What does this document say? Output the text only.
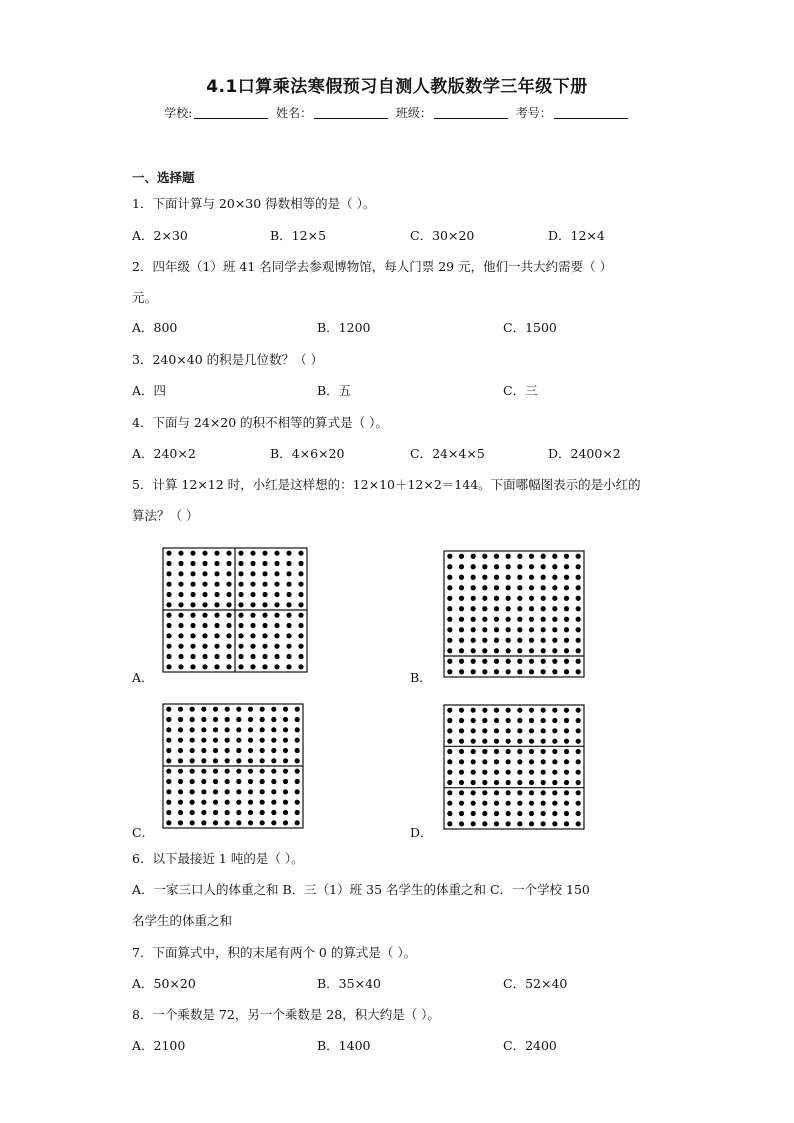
4.1口算乘法寒假预习自测人教版数学三年级下册
学校:	姓名：	班级：	考号：
一、选择题
1．下面计算与 20×30 得数相等的是（ ）。
A．2×30	B．12×5	C．30×20	D．12×4
2．四年级（1）班 41 名同学去参观博物馆，每人门票 29 元，他们一共大约需要（ ）
元。
A．800	B．1200	C．1500
3．240×40 的积是几位数？（ ）
A．四	B．五	C．三
4．下面与 24×20 的积不相等的算式是（ ）。
A．240×2	B．4×6×20	C．24×4×5	D．2400×2
5．计算 12×12 时，小红是这样想的：12×10＋12×2＝144。下面哪幅图表示的是小红的
算法？（ ）
A．	B．
C．	D．
6．以下最接近 1 吨的是（ ）。
A．一家三口人的体重之和 B．三（1）班 35 名学生的体重之和 C．一个学校 150
名学生的体重之和
7．下面算式中，积的末尾有两个 0 的算式是（ ）。
A．50×20	B．35×40	C．52×40
8．一个乘数是 72，另一个乘数是 28，积大约是（ ）。
A．2100	B．1400	C．2400
